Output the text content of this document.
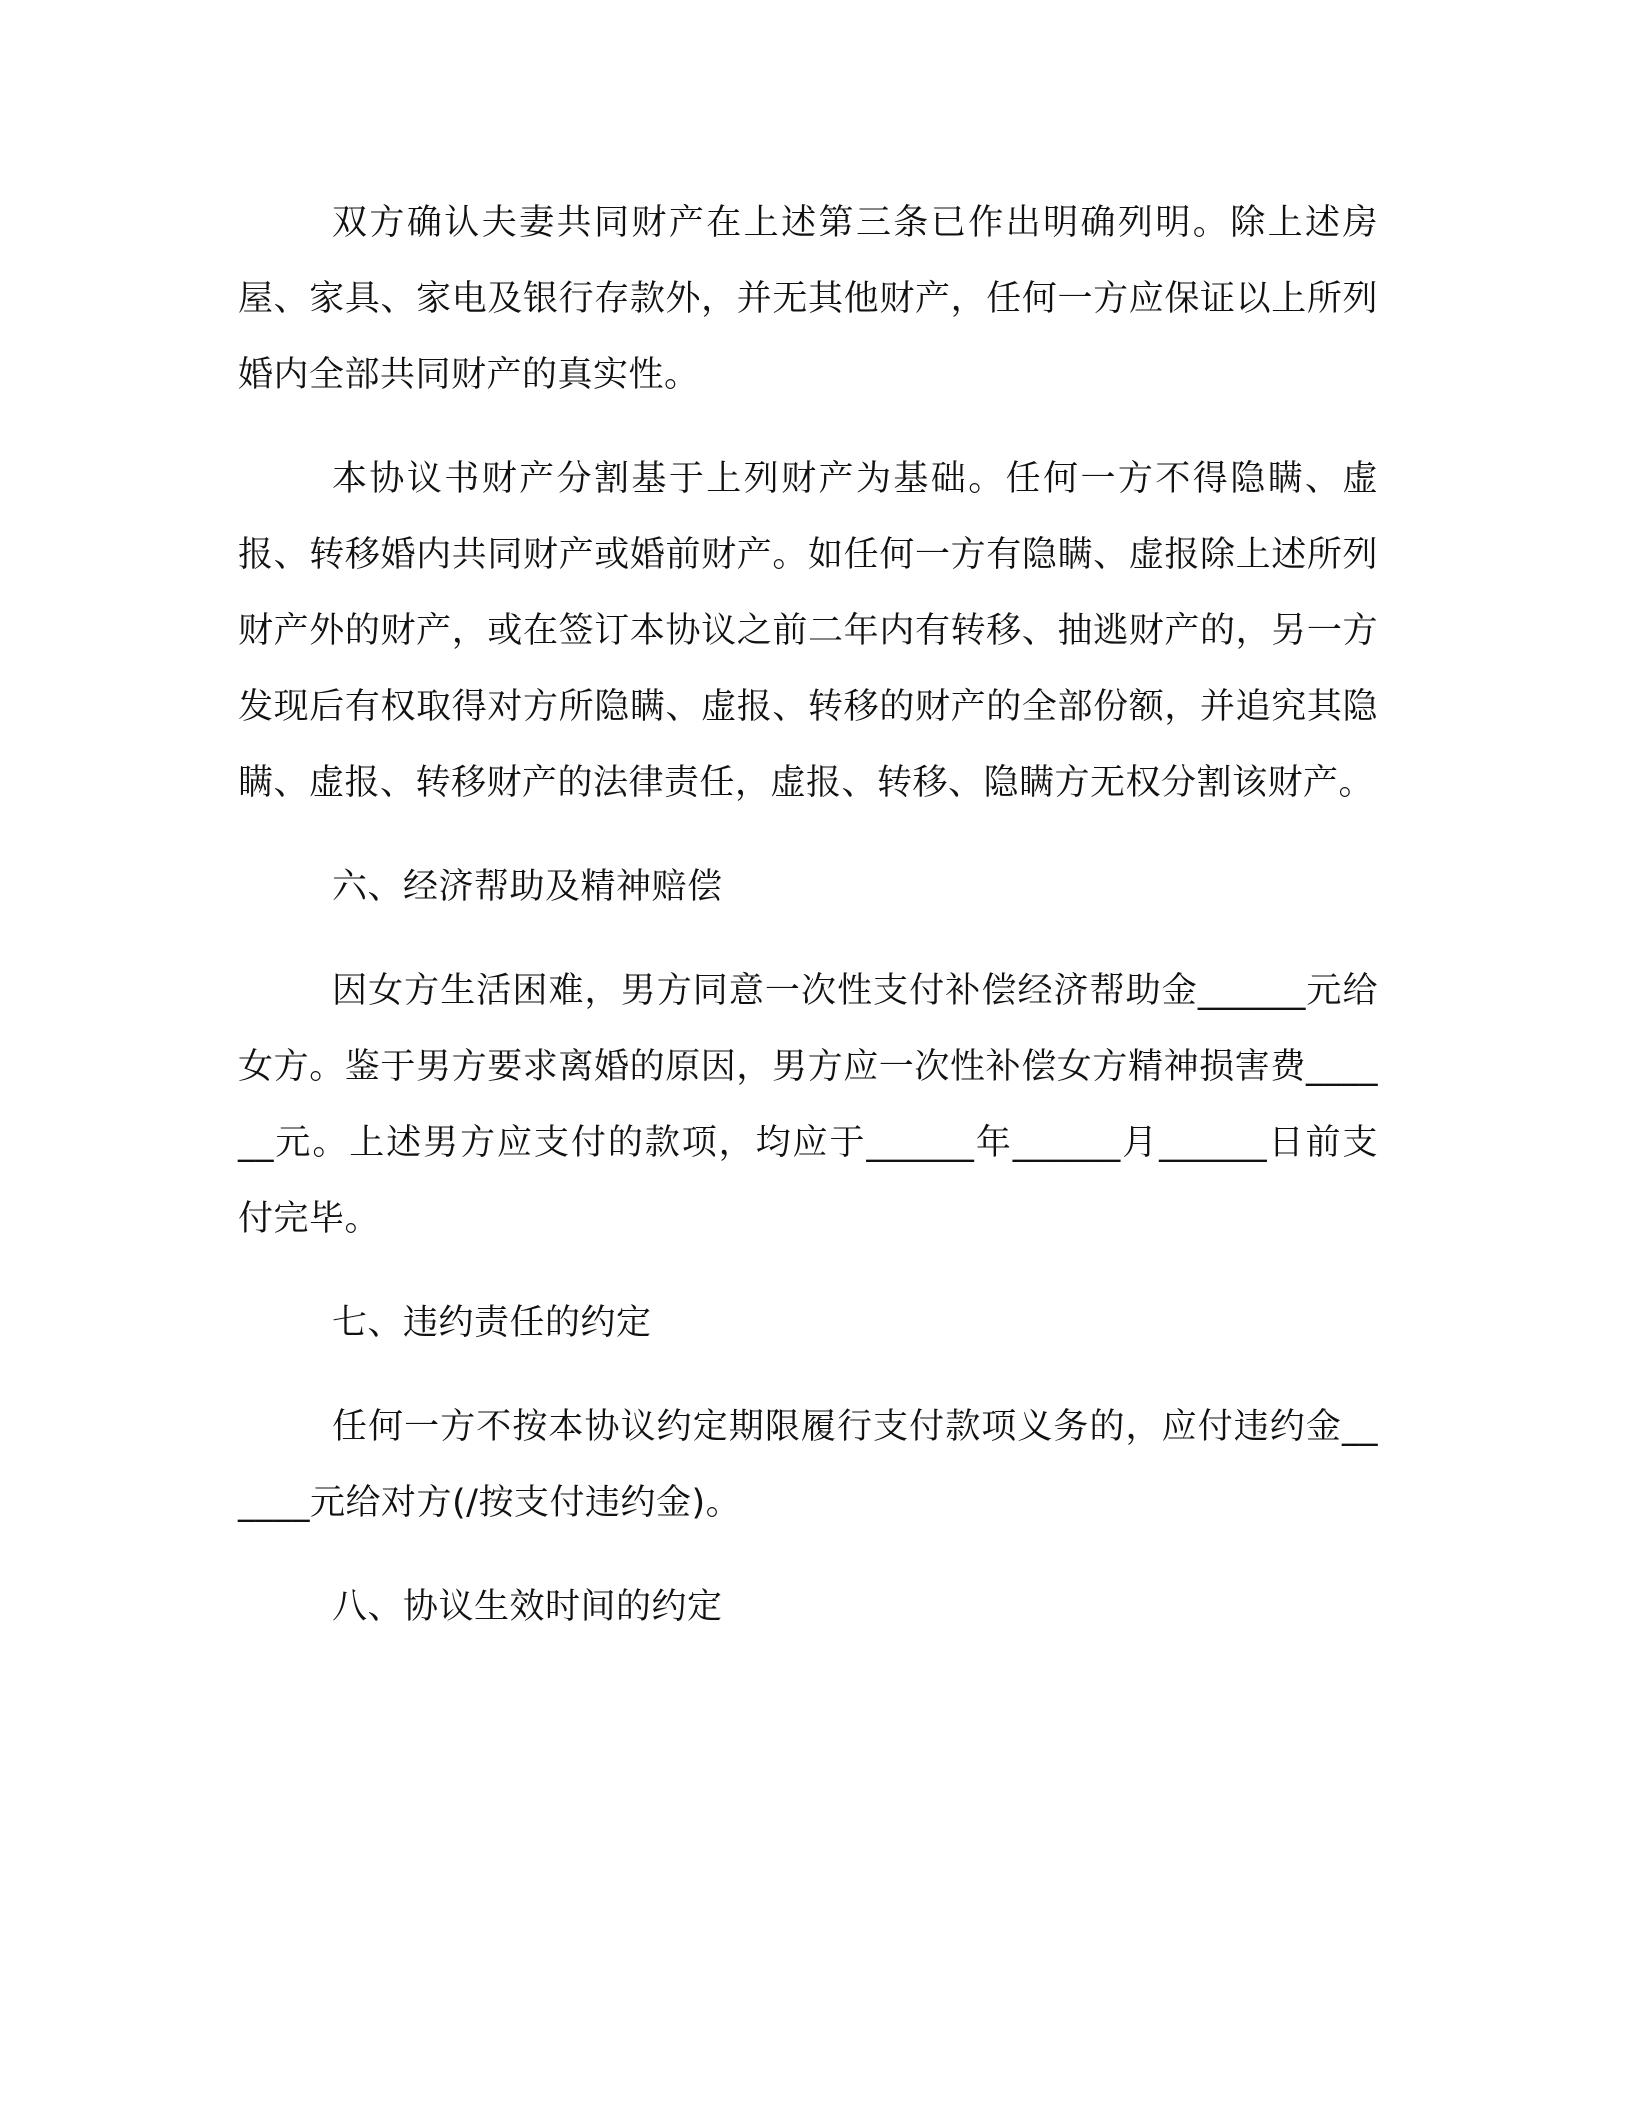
双方确认夫妻共同财产在上述第三条已作出明确列明。除上述房屋、家具、家电及银行存款外，并无其他财产，任何一方应保证以上所列婚内全部共同财产的真实性。

本协议书财产分割基于上列财产为基础。任何一方不得隐瞒、虚报、转移婚内共同财产或婚前财产。如任何一方有隐瞒、虚报除上述所列财产外的财产，或在签订本协议之前二年内有转移、抽逃财产的，另一方发现后有权取得对方所隐瞒、虚报、转移的财产的全部份额，并追究其隐瞒、虚报、转移财产的法律责任，虚报、转移、隐瞒方无权分割该财产。

六、经济帮助及精神赔偿

因女方生活困难，男方同意一次性支付补偿经济帮助金______元给女方。鉴于男方要求离婚的原因，男方应一次性补偿女方精神损害费______元。上述男方应支付的款项，均应于______年______月______日前支付完毕。

七、违约责任的约定

任何一方不按本协议约定期限履行支付款项义务的，应付违约金______元给对方(/按支付违约金)。

八、协议生效时间的约定
